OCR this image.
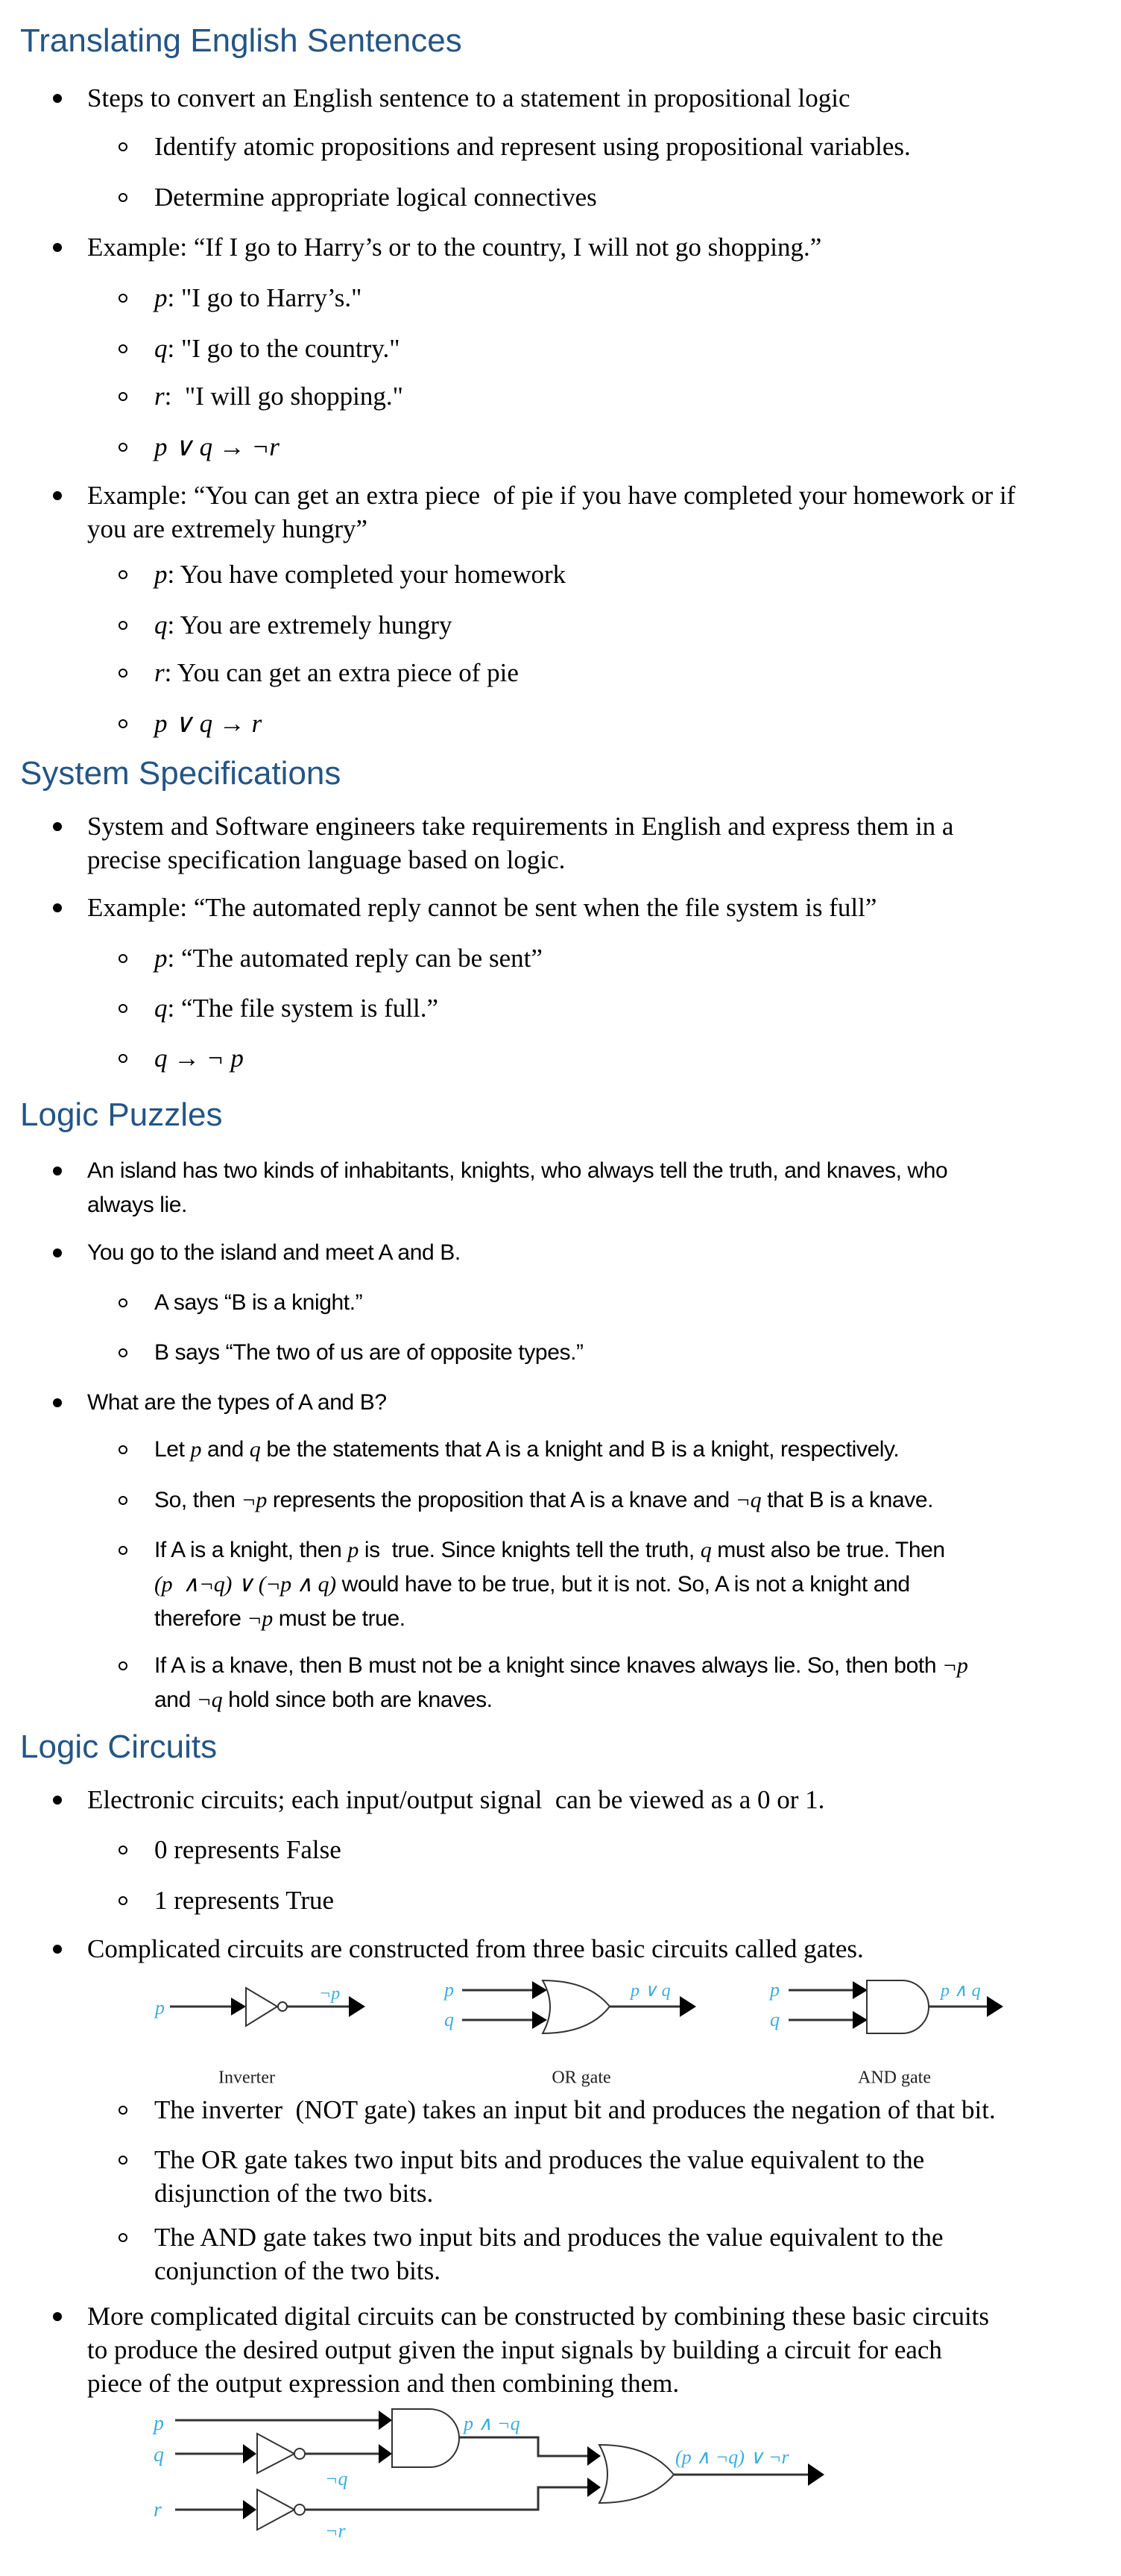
Translating English Sentences
System Specifications
Logic Puzzles
Logic Circuits
Steps to convert an English sentence to a statement in propositional logic
Identify atomic propositions and represent using propositional variables.
Determine appropriate logical connectives
Example: “If I go to Harry’s or to the country, I will not go shopping.”
p: "I go to Harry’s."
q: "I go to the country."
r:  "I will go shopping."
p ∨ q → ¬r
Example: “You can get an extra piece  of pie if you have completed your homework or if
you are extremely hungry”
p: You have completed your homework
q: You are extremely hungry
r: You can get an extra piece of pie
p ∨ q → r
System and Software engineers take requirements in English and express them in a
precise specification language based on logic.
Example: “The automated reply cannot be sent when the file system is full”
p: “The automated reply can be sent”
q: “The file system is full.”
q → ¬ p
An island has two kinds of inhabitants, knights, who always tell the truth, and knaves, who
always lie.
You go to the island and meet A and B.
A says “B is a knight.”
B says “The two of us are of opposite types.”
What are the types of A and B?
Let p and q be the statements that A is a knight and B is a knight, respectively.
So, then ¬p represents the proposition that A is a knave and ¬q that B is a knave.
If A is a knight, then p is  true. Since knights tell the truth, q must also be true. Then
(p  ∧¬q) ∨ (¬p ∧ q) would have to be true, but it is not. So, A is not a knight and
therefore ¬p must be true.
If A is a knave, then B must not be a knight since knaves always lie. So, then both ¬p
and ¬q hold since both are knaves.
Electronic circuits; each input/output signal  can be viewed as a 0 or 1.
0 represents False
1 represents True
Complicated circuits are constructed from three basic circuits called gates.
The inverter  (NOT gate) takes an input bit and produces the negation of that bit.
The OR gate takes two input bits and produces the value equivalent to the
disjunction of the two bits.
The AND gate takes two input bits and produces the value equivalent to the
conjunction of the two bits.
More complicated digital circuits can be constructed by combining these basic circuits
to produce the desired output given the input signals by building a circuit for each
piece of the output expression and then combining them.
p
¬p	p
q
p ∨ q	p
q
p ∧ q
Inverter	OR gate	AND gate
p
q
r
¬q
p ∧ ¬q
¬r
(p ∧ ¬q) ∨ ¬r
